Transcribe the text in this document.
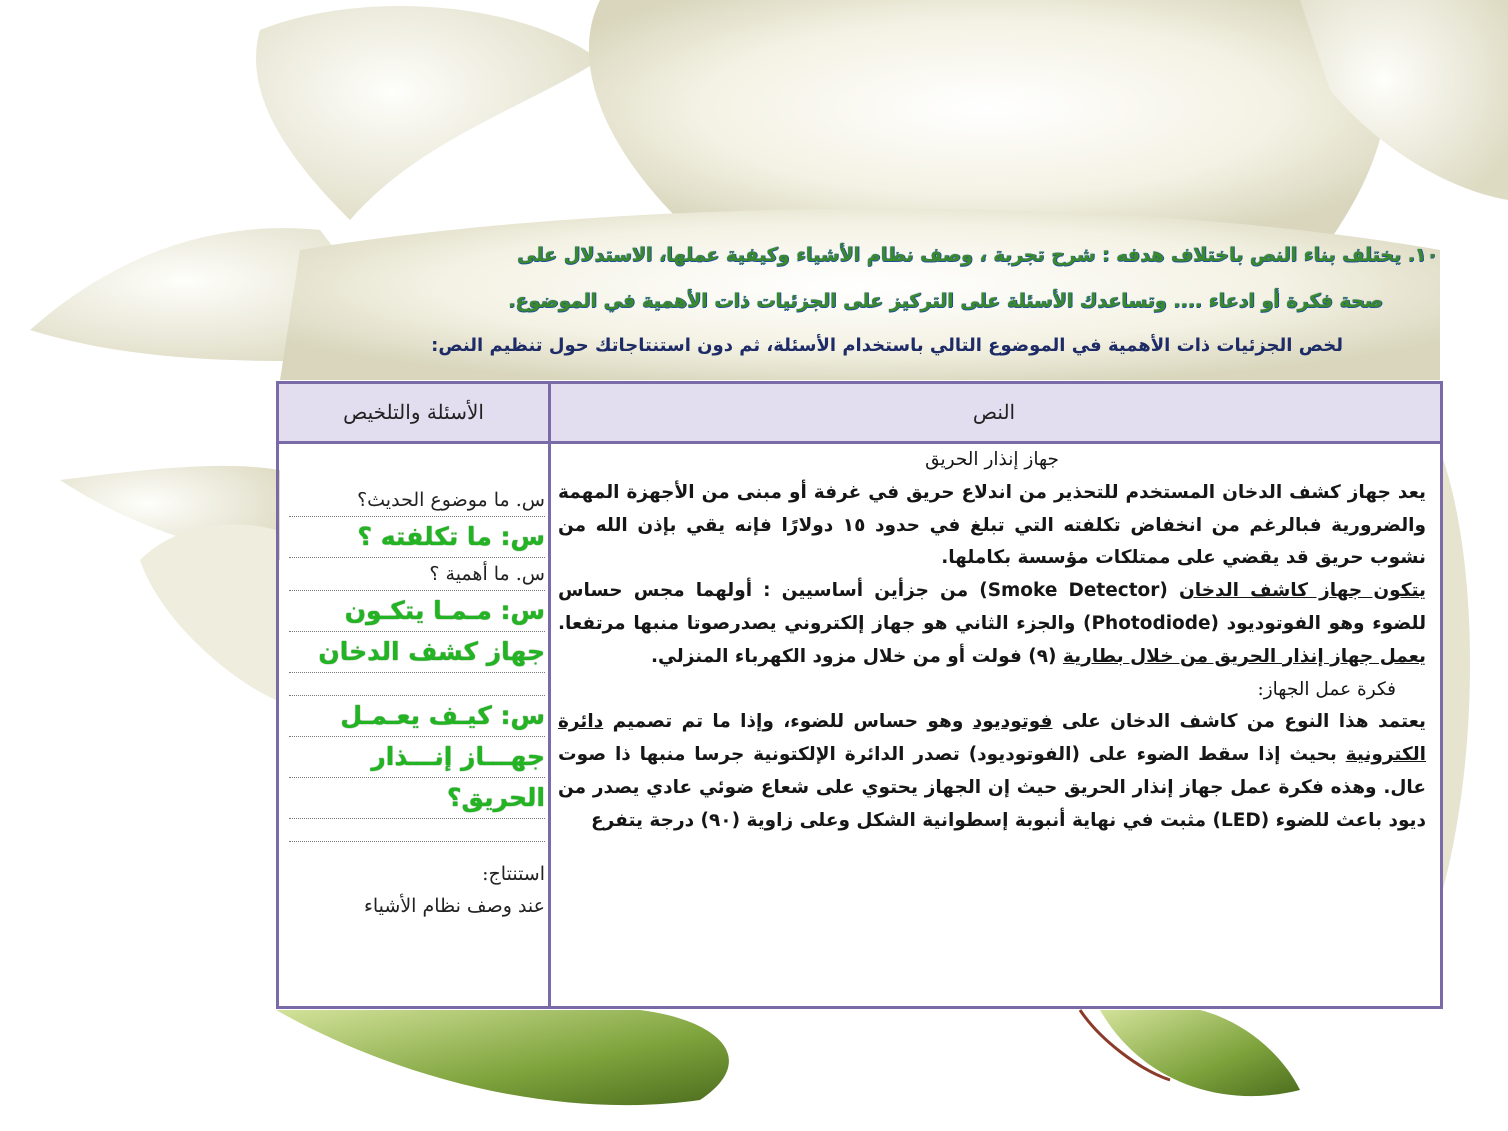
١٠. يختلف بناء النص باختلاف هدفه : شرح تجربة ، وصف نظام الأشياء وكيفية عملها، الاستدلال على
صحة فكرة أو ادعاء .... وتساعدك الأسئلة على التركيز على الجزئيات ذات الأهمية في الموضوع.
لخص الجزئيات ذات الأهمية في الموضوع التالي باستخدام الأسئلة، ثم دون استنتاجاتك حول تنظيم النص:
النص
الأسئلة والتلخيص

جهاز إنذار الحريق

يعد جهاز كشف الدخان المستخدم للتحذير من اندلاع حريق في غرفة أو مبنى من الأجهزة المهمة والضرورية فبالرغم من انخفاض تكلفته التي تبلغ في حدود ١٥ دولارًا فإنه يقي بإذن الله من نشوب حريق قد يقضي على ممتلكات مؤسسة بكاملها.

يتكون جهاز كاشف الدخان (Smoke Detector) من جزأين أساسيين : أولهما مجس حساس للضوء وهو الفوتوديود (Photodiode) والجزء الثاني هو جهاز إلكتروني يصدرصوتا منبها مرتفعا. يعمل جهاز إنذار الحريق من خلال بطارية (٩) فولت أو من خلال مزود الكهرباء المنزلي.

فكرة عمل الجهاز:

يعتمد هذا النوع من كاشف الدخان على فوتوديود وهو حساس للضوء، وإذا ما تم تصميم دائرة الكترونية بحيث إذا سقط الضوء على (الفوتوديود) تصدر الدائرة الإلكتونية جرسا منبها ذا صوت عال. وهذه فكرة عمل جهاز إنذار الحريق حيث إن الجهاز يحتوي على شعاع ضوئي عادي يصدر من ديود باعث للضوء (LED) مثبت في نهاية أنبوبة إسطوانية الشكل وعلى زاوية (٩٠) درجة يتفرع

س. ما موضوع الحديث؟
س: ما تكلفته ؟
س. ما أهمية ؟
س: مـمـا يتكـون
جهاز كشف الدخان
س: كيـف يعـمـل
جهـــاز إنـــذار
الحريق؟
استنتاج:
عند وصف نظام الأشياء
